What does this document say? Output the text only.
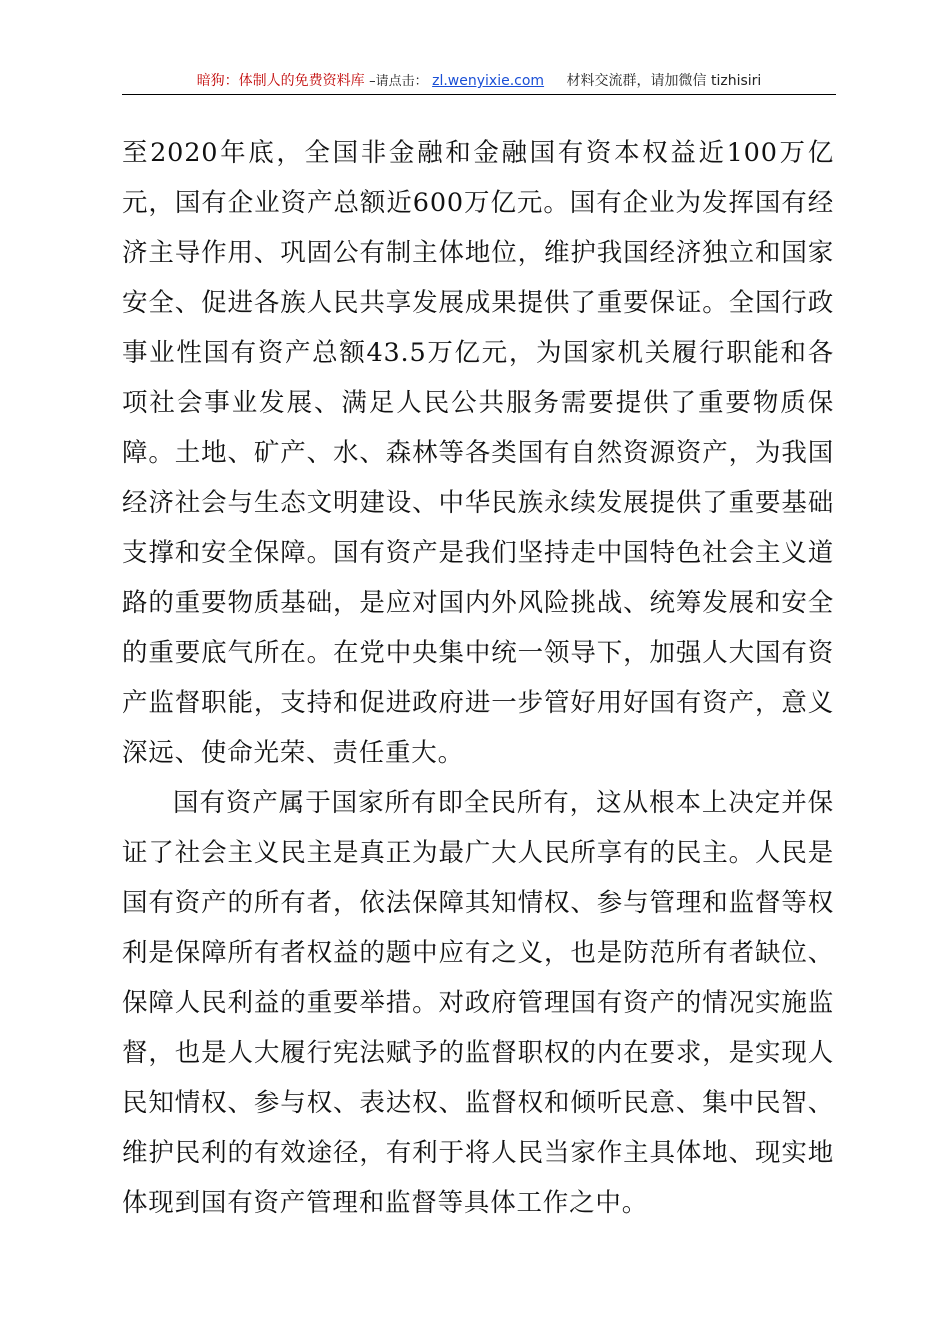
暗狗：体制人的免费资料库 –请点击： zl.wenyixie.com 材料交流群，请加微信 tizhisiri

至2020年底，全国非金融和金融国有资本权益近100万亿元，国有企业资产总额近600万亿元。国有企业为发挥国有经济主导作用、巩固公有制主体地位，维护我国经济独立和国家安全、促进各族人民共享发展成果提供了重要保证。全国行政事业性国有资产总额43.5万亿元，为国家机关履行职能和各项社会事业发展、满足人民公共服务需要提供了重要物质保障。土地、矿产、水、森林等各类国有自然资源资产，为我国经济社会与生态文明建设、中华民族永续发展提供了重要基础支撑和安全保障。国有资产是我们坚持走中国特色社会主义道路的重要物质基础，是应对国内外风险挑战、统筹发展和安全的重要底气所在。在党中央集中统一领导下，加强人大国有资产监督职能，支持和促进政府进一步管好用好国有资产，意义深远、使命光荣、责任重大。

国有资产属于国家所有即全民所有，这从根本上决定并保证了社会主义民主是真正为最广大人民所享有的民主。人民是国有资产的所有者，依法保障其知情权、参与管理和监督等权利是保障所有者权益的题中应有之义，也是防范所有者缺位、保障人民利益的重要举措。对政府管理国有资产的情况实施监督，也是人大履行宪法赋予的监督职权的内在要求，是实现人民知情权、参与权、表达权、监督权和倾听民意、集中民智、维护民利的有效途径，有利于将人民当家作主具体地、现实地体现到国有资产管理和监督等具体工作之中。
